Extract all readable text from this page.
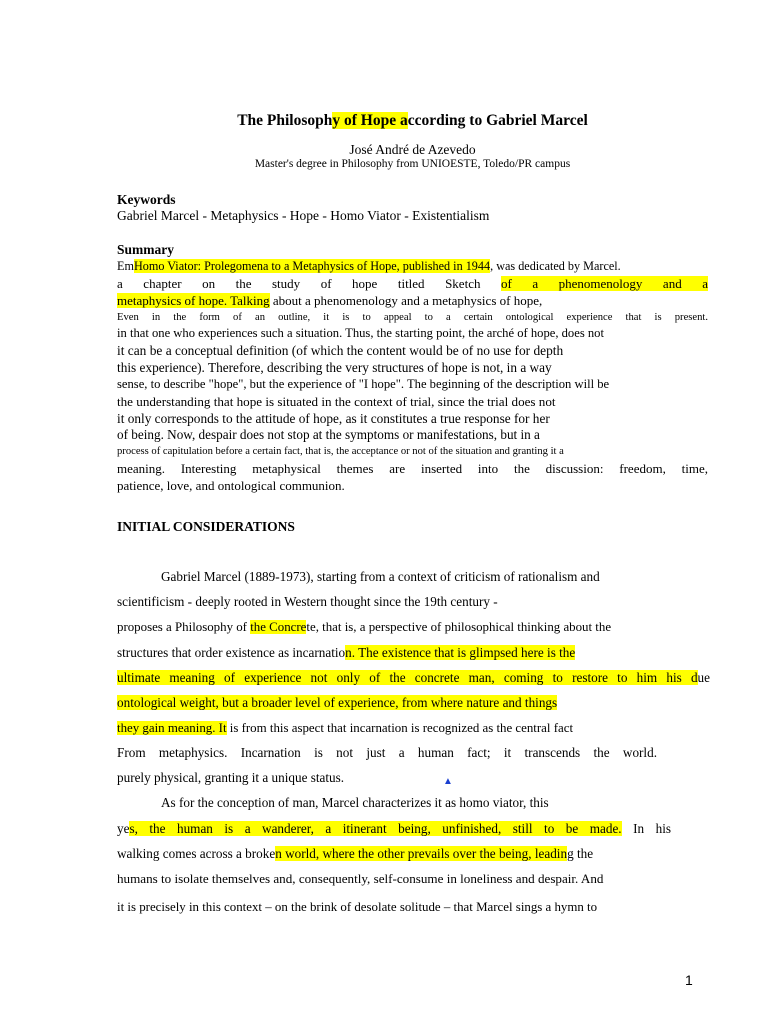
The Philosophy of Hope according to Gabriel Marcel
José André de Azevedo
Master's degree in Philosophy from UNIOESTE, Toledo/PR campus
Keywords
Gabriel Marcel - Metaphysics - Hope - Homo Viator - Existentialism
Summary
EmHomo Viator: Prolegomena to a Metaphysics of Hope, published in 1944, was dedicated by Marcel.
a chapter on the study of hope titled Sketch of a phenomenology and a
metaphysics of hope. Talking about a phenomenology and a metaphysics of hope,
Even in the form of an outline, it is to appeal to a certain ontological experience that is present.
in that one who experiences such a situation. Thus, the starting point, the arché of hope, does not
it can be a conceptual definition (of which the content would be of no use for depth
this experience). Therefore, describing the very structures of hope is not, in a way
sense, to describe "hope", but the experience of "I hope". The beginning of the description will be
the understanding that hope is situated in the context of trial, since the trial does not
it only corresponds to the attitude of hope, as it constitutes a true response for her
of being. Now, despair does not stop at the symptoms or manifestations, but in a
process of capitulation before a certain fact, that is, the acceptance or not of the situation and granting it a
meaning. Interesting metaphysical themes are inserted into the discussion: freedom, time,
patience, love, and ontological communion.
INITIAL CONSIDERATIONS
Gabriel Marcel (1889-1973), starting from a context of criticism of rationalism and
scientificism - deeply rooted in Western thought since the 19th century -
proposes a Philosophy of the Concrete, that is, a perspective of philosophical thinking about the
structures that order existence as incarnation. The existence that is glimpsed here is the
ultimate meaning of experience not only of the concrete man, coming to restore to him his due
ontological weight, but a broader level of experience, from where nature and things
they gain meaning. It is from this aspect that incarnation is recognized as the central fact
From metaphysics. Incarnation is not just a human fact; it transcends the world.
purely physical, granting it a unique status.
As for the conception of man, Marcel characterizes it as homo viator, this
yes, the human is a wanderer, a itinerant being, unfinished, still to be made. In his
walking comes across a broken world, where the other prevails over the being, leading the
humans to isolate themselves and, consequently, self-consume in loneliness and despair. And
it is precisely in this context – on the brink of desolate solitude – that Marcel sings a hymn to
▲
1
